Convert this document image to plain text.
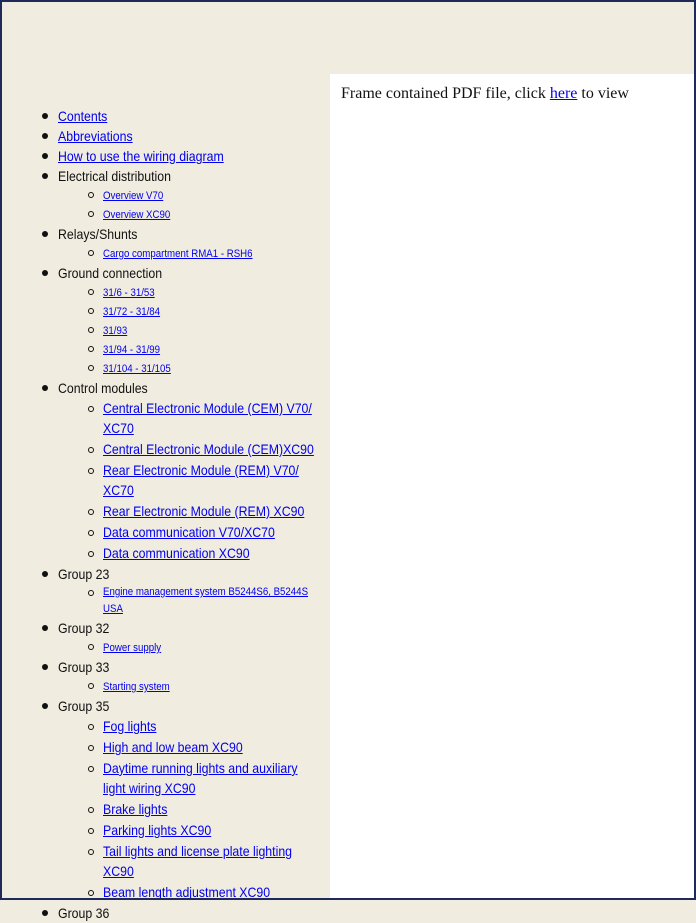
Contents
Abbreviations
How to use the wiring diagram
Electrical distribution
Overview V70
Overview XC90
Relays/Shunts
Cargo compartment RMA1 - RSH6
Ground connection
31/6 - 31/53
31/72 - 31/84
31/93
31/94 - 31/99
31/104 - 31/105
Control modules
Central Electronic Module (CEM) V70/ XC70
Central Electronic Module (CEM)XC90
Rear Electronic Module (REM) V70/ XC70
Rear Electronic Module (REM) XC90
Data communication V70/XC70
Data communication XC90
Group 23
Engine management system B5244S6, B5244S USA
Group 32
Power supply
Group 33
Starting system
Group 35
Fog lights
High and low beam XC90
Daytime running lights and auxiliary light wiring XC90
Brake lights
Parking lights XC90
Tail lights and license plate lighting XC90
Beam length adjustment XC90
Group 36

Frame contained PDF file, click here to view
